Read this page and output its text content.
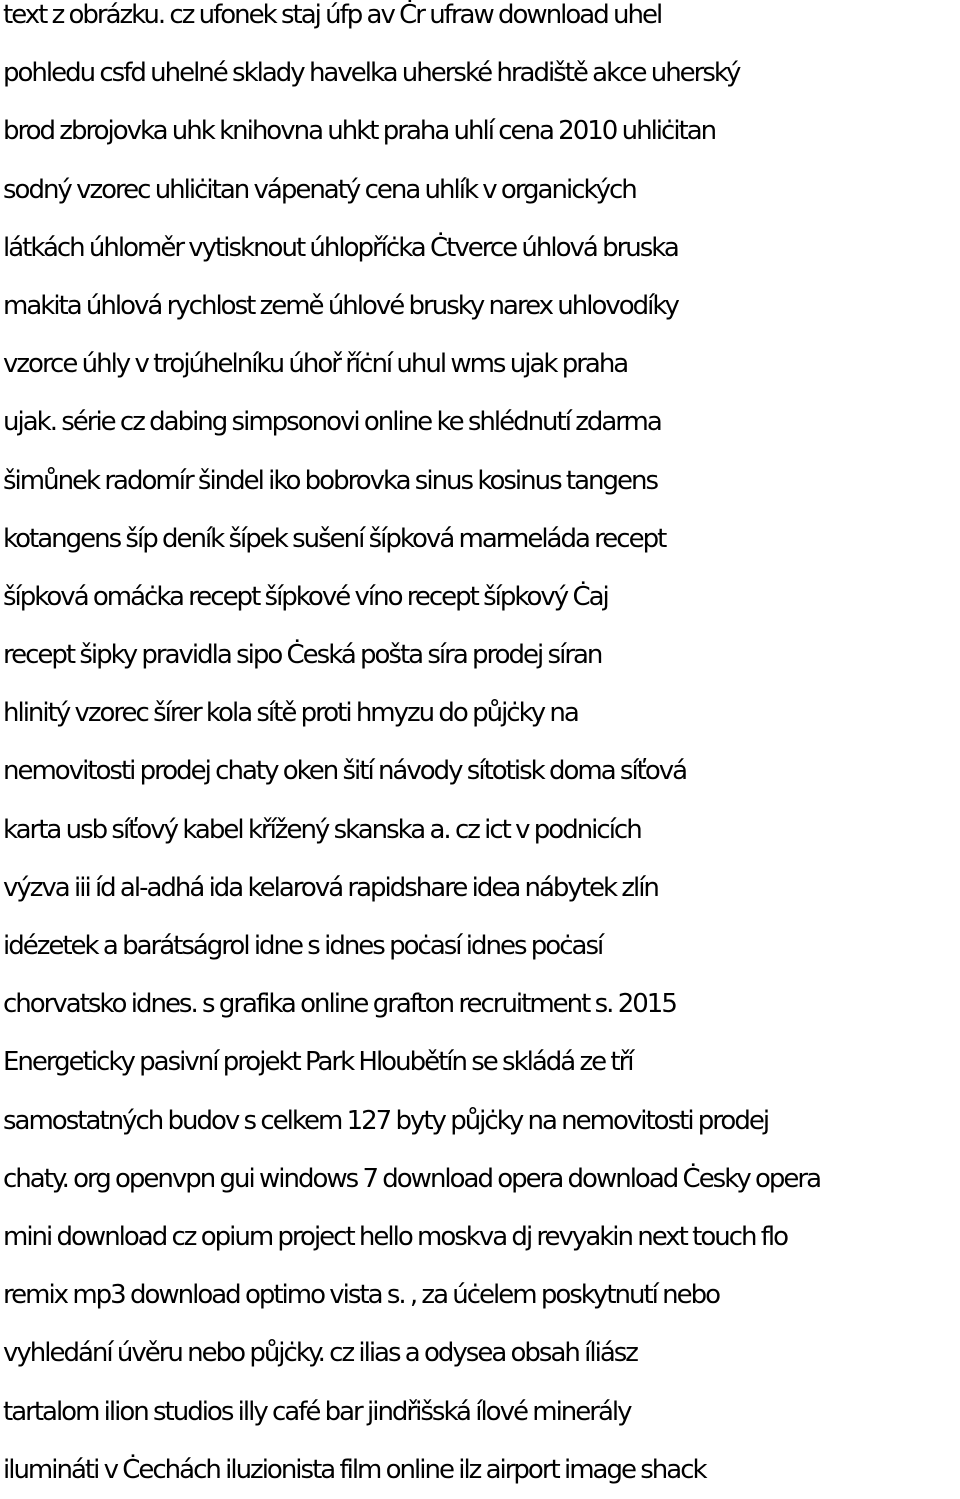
text z obrázku. cz ufonek staj úfp av Ċr ufraw download uhel
pohledu csfd uhelné sklady havelka uherské hradiště akce uherský
brod zbrojovka uhk knihovna uhkt praha uhlí cena 2010 uhliċitan
sodný vzorec uhliċitan vápenatý cena uhlík v organických
látkách úhloměr vytisknout úhlopříċka Ċtverce úhlová bruska
makita úhlová rychlost země úhlové brusky narex uhlovodíky
vzorce úhly v trojúhelníku úhoř říċní uhul wms ujak praha
ujak. série cz dabing simpsonovi online ke shlédnutí zdarma
šimůnek radomír šindel iko bobrovka sinus kosinus tangens
kotangens šíp deník šípek sušení šípková marmeláda recept
šípková omáċka recept šípkové víno recept šípkový Ċaj
recept šipky pravidla sipo Ċeská pošta síra prodej síran
hlinitý vzorec šírer kola sítě proti hmyzu do půjċky na
nemovitosti prodej chaty oken šití návody sítotisk doma síťová
karta usb síťový kabel křížený skanska a. cz ict v podnicích
výzva iii íd al-adhá ida kelarová rapidshare idea nábytek zlín
idézetek a barátságrol idne s idnes poċasí idnes poċasí
chorvatsko idnes. s grafika online grafton recruitment s. 2015
Energeticky pasivní projekt Park Hloubětín se skládá ze tří
samostatných budov s celkem 127 byty půjċky na nemovitosti prodej
chaty. org openvpn gui windows 7 download opera download Ċesky opera
mini download cz opium project hello moskva dj revyakin next touch flo
remix mp3 download optimo vista s. , za úċelem poskytnutí nebo
vyhledání úvěru nebo půjċky. cz ilias a odysea obsah íliász
tartalom ilion studios illy café bar jindřišská ílové minerály
ilumináti v Ċechách iluzionista film online ilz airport image shack
